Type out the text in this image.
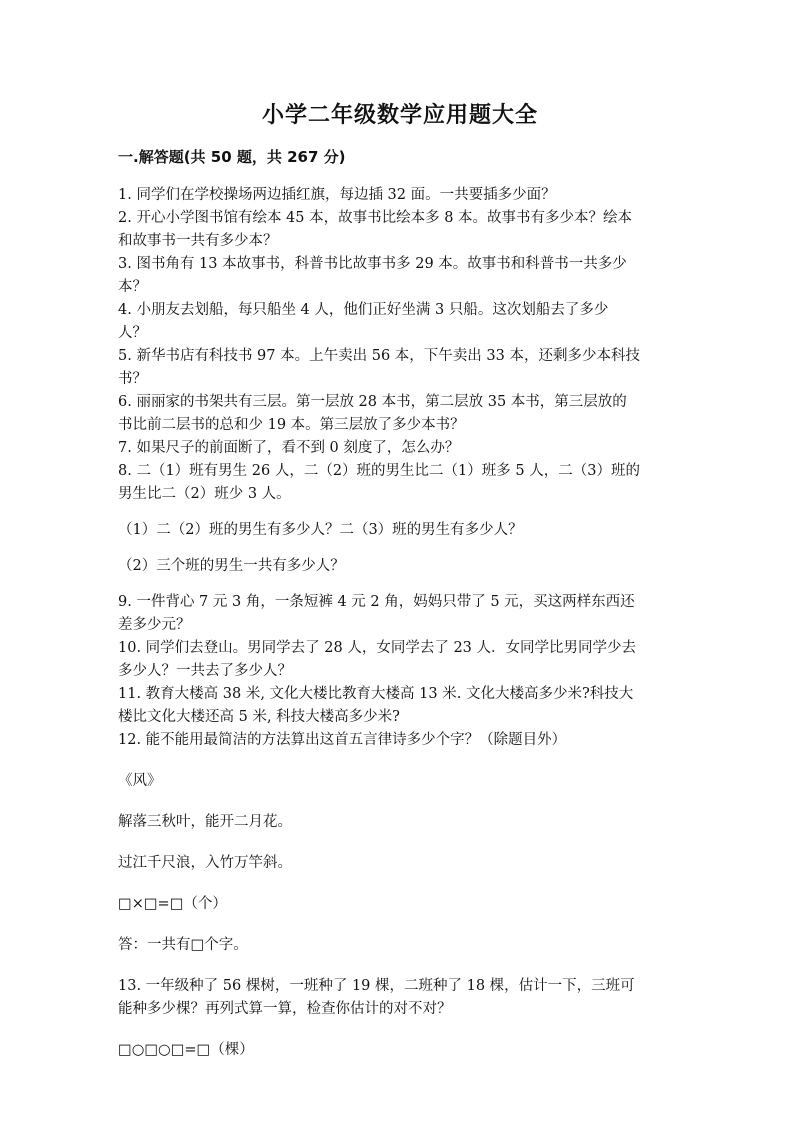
小学二年级数学应用题大全
一.解答题(共 50 题，共 267 分)
1. 同学们在学校操场两边插红旗，每边插 32 面。一共要插多少面？
2. 开心小学图书馆有绘本 45 本，故事书比绘本多 8 本。故事书有多少本？绘本
和故事书一共有多少本？
3. 图书角有 13 本故事书，科普书比故事书多 29 本。故事书和科普书一共多少
本？
4. 小朋友去划船，每只船坐 4 人，他们正好坐满 3 只船。这次划船去了多少
人？
5. 新华书店有科技书 97 本。上午卖出 56 本，下午卖出 33 本，还剩多少本科技
书？
6. 丽丽家的书架共有三层。第一层放 28 本书，第二层放 35 本书，第三层放的
书比前二层书的总和少 19 本。第三层放了多少本书？
7. 如果尺子的前面断了，看不到 0 刻度了，怎么办？
8. 二（1）班有男生 26 人，二（2）班的男生比二（1）班多 5 人，二（3）班的
男生比二（2）班少 3 人。

（1）二（2）班的男生有多少人？二（3）班的男生有多少人？

（2）三个班的男生一共有多少人？

9. 一件背心 7 元 3 角，一条短裤 4 元 2 角，妈妈只带了 5 元，买这两样东西还
差多少元？
10. 同学们去登山。男同学去了 28 人，女同学去了 23 人．女同学比男同学少去
多少人？一共去了多少人？
11. 教育大楼高 38 米, 文化大楼比教育大楼高 13 米. 文化大楼高多少米?科技大
楼比文化大楼还高 5 米, 科技大楼高多少米?
12. 能不能用最简洁的方法算出这首五言律诗多少个字？（除题目外）

《风》

解落三秋叶，能开二月花。

过江千尺浪，入竹万竿斜。

□×□=□（个）

答：一共有□个字。

13. 一年级种了 56 棵树，一班种了 19 棵，二班种了 18 棵，估计一下，三班可
能种多少棵？再列式算一算，检查你估计的对不对？

□○□○□=□（棵）
